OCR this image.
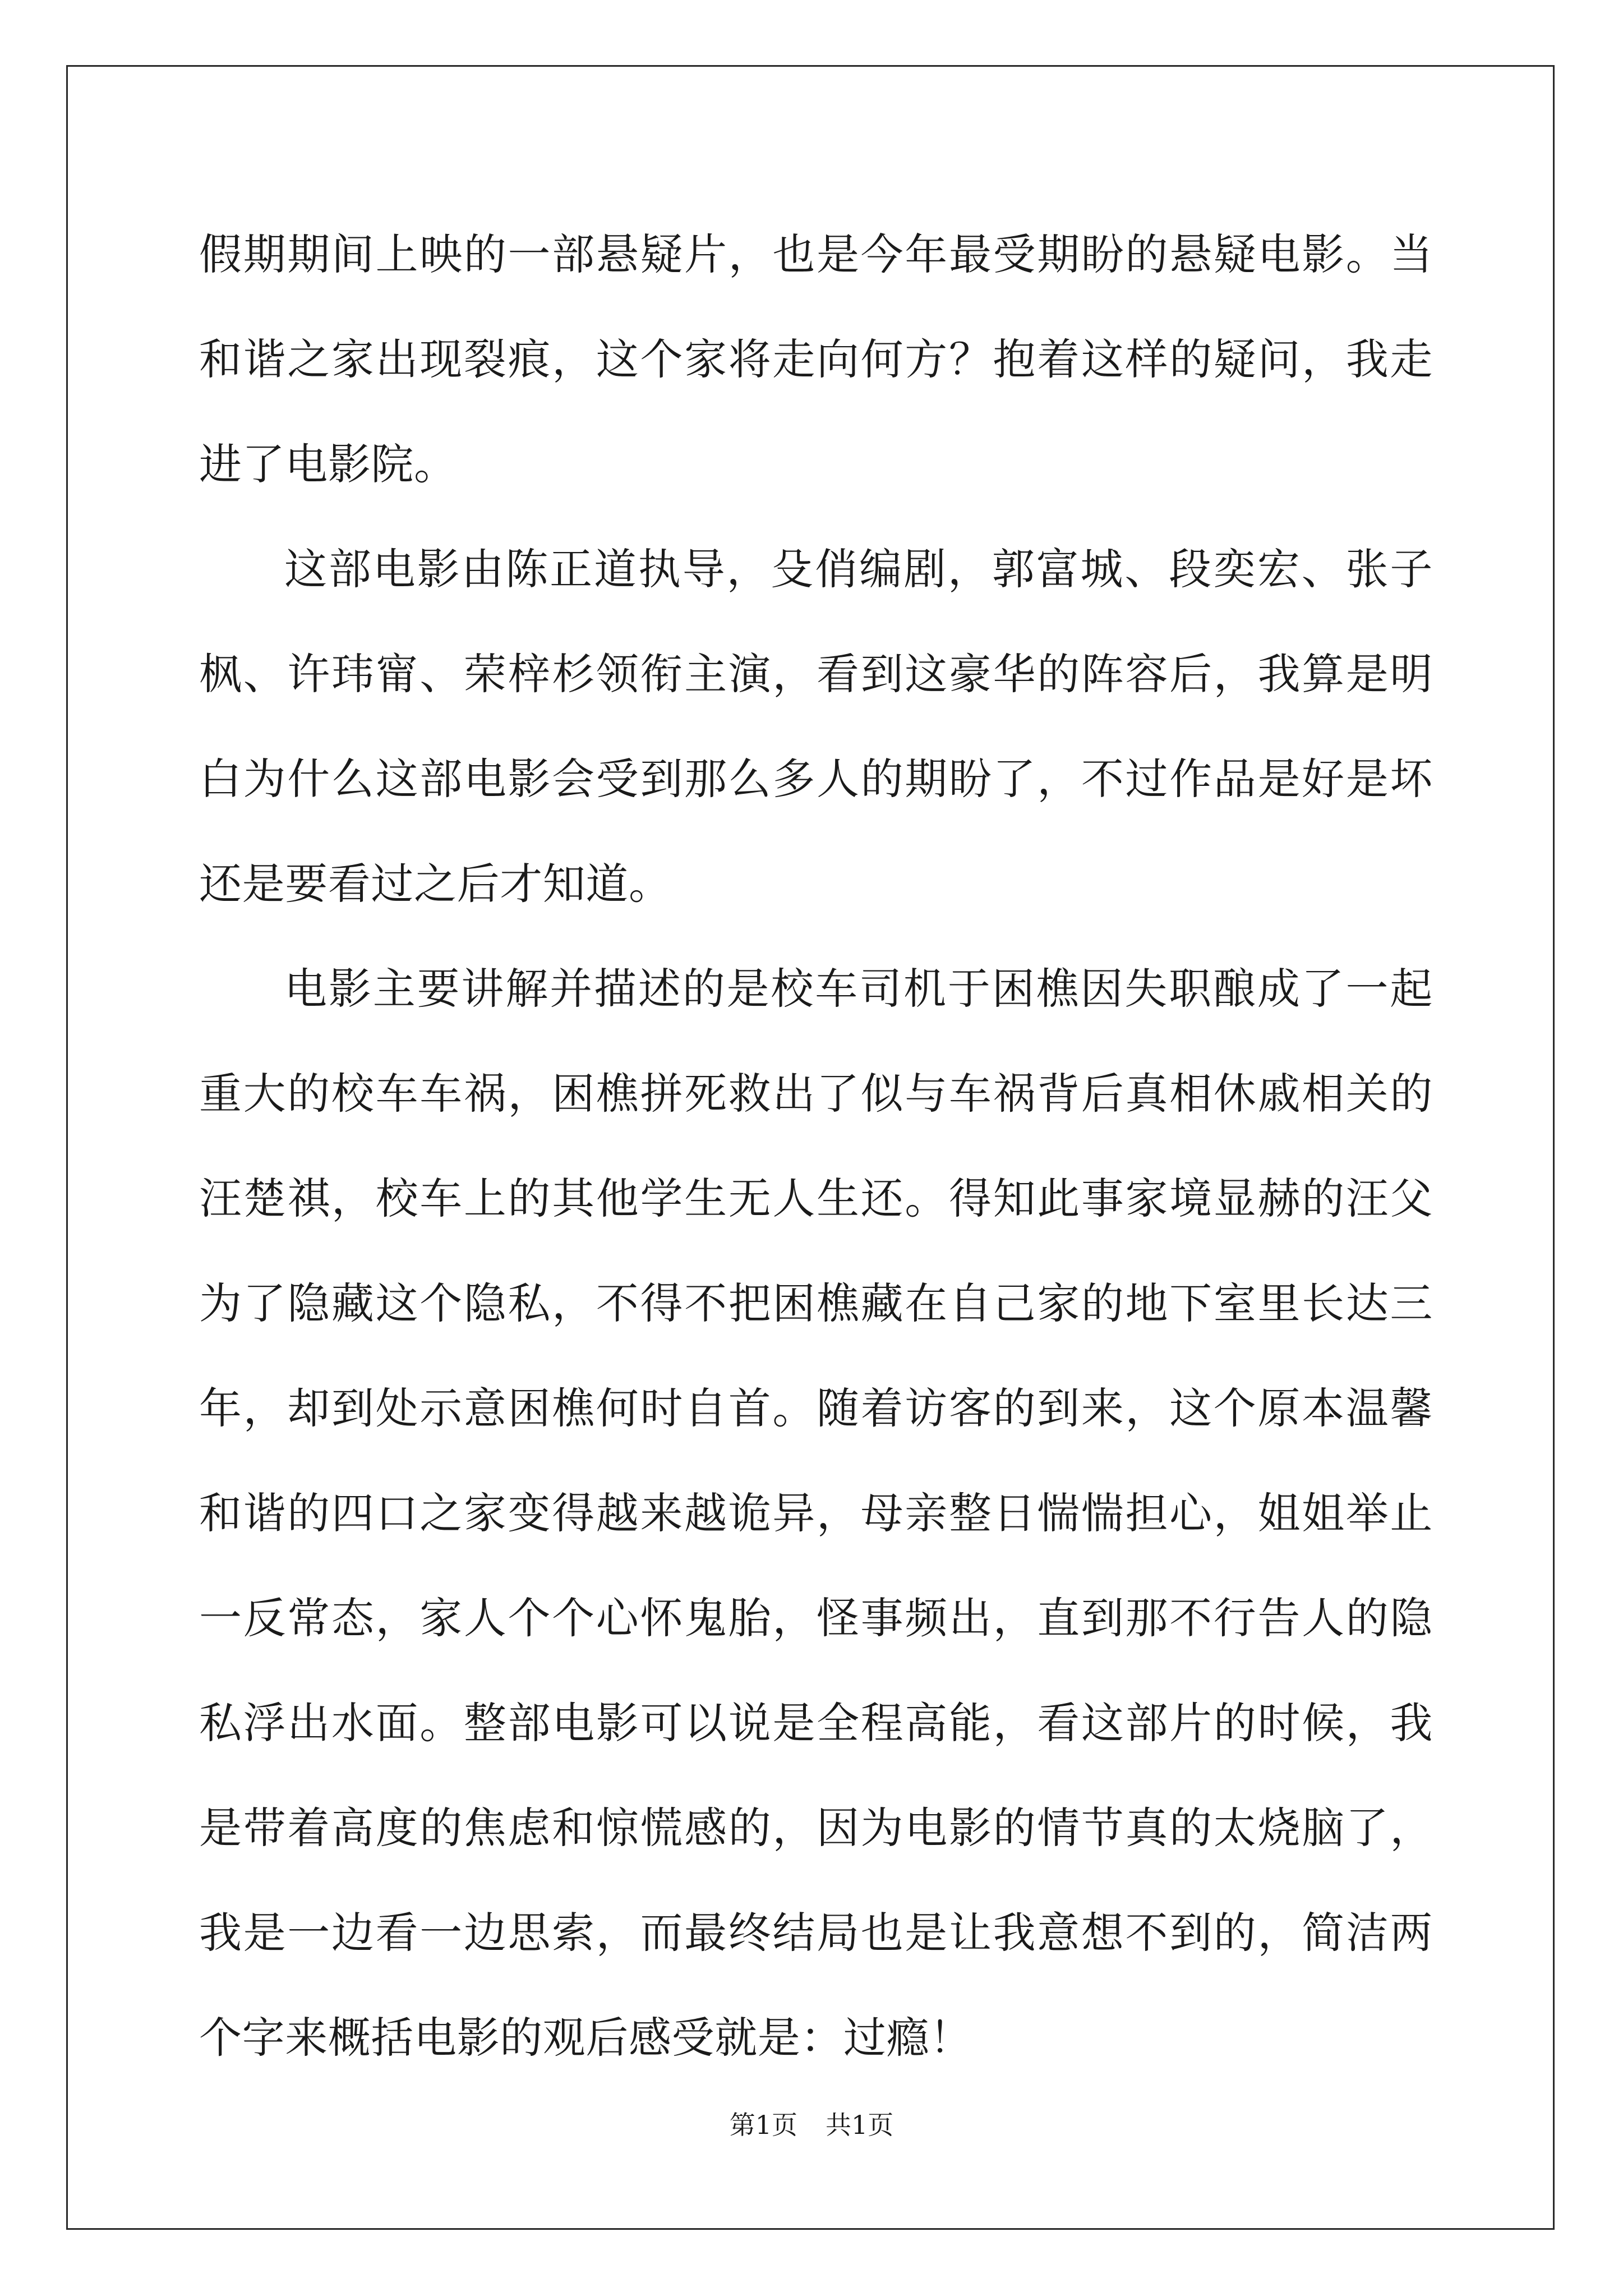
假期期间上映的一部悬疑片，也是今年最受期盼的悬疑电影。当和谐之家出现裂痕，这个家将走向何方？抱着这样的疑问，我走进了电影院。

这部电影由陈正道执导，殳俏编剧，郭富城、段奕宏、张子枫、许玮甯、荣梓杉领衔主演，看到这豪华的阵容后，我算是明白为什么这部电影会受到那么多人的期盼了，不过作品是好是坏还是要看过之后才知道。

电影主要讲解并描述的是校车司机于困樵因失职酿成了一起重大的校车车祸，困樵拼死救出了似与车祸背后真相休戚相关的汪楚祺，校车上的其他学生无人生还。得知此事家境显赫的汪父为了隐藏这个隐私，不得不把困樵藏在自己家的地下室里长达三年，却到处示意困樵何时自首。随着访客的到来，这个原本温馨和谐的四口之家变得越来越诡异，母亲整日惴惴担心，姐姐举止一反常态，家人个个心怀鬼胎，怪事频出，直到那不行告人的隐私浮出水面。整部电影可以说是全程高能，看这部片的时候，我是带着高度的焦虑和惊慌感的，因为电影的情节真的太烧脑了，我是一边看一边思索，而最终结局也是让我意想不到的，简洁两个字来概括电影的观后感受就是：过瘾！

第1页 共1页
